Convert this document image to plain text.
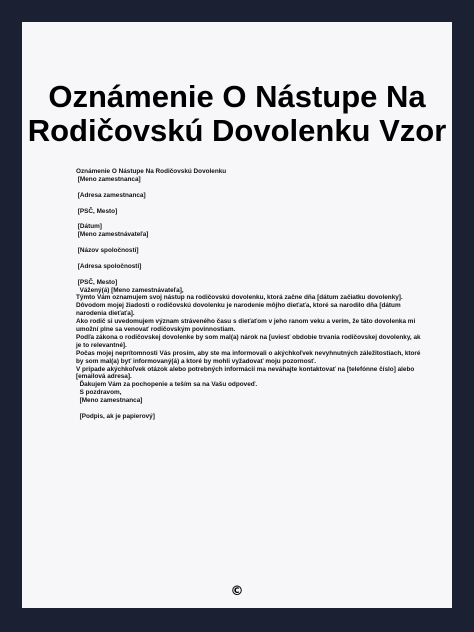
Oznámenie O Nástupe Na
Rodičovskú Dovolenku Vzor
Oznámenie O Nástupe Na Rodičovskú Dovolenku
[Meno zamestnanca]
[Adresa zamestnanca]
[PSČ, Mesto]
[Dátum]
[Meno zamestnávateľa]
[Názov spoločnosti]
[Adresa spoločnosti]
[PSČ, Mesto]
Vážený(á) [Meno zamestnávateľa],
Týmto Vám oznamujem svoj nástup na rodičovskú dovolenku, ktorá začne dňa [dátum začiatku dovolenky].
Dôvodom mojej žiadosti o rodičovskú dovolenku je narodenie môjho dieťaťa, ktoré sa narodilo dňa [dátum narodenia dieťaťa].
Ako rodič si uvedomujem význam stráveného času s dieťaťom v jeho ranom veku a verím, že táto dovolenka mi umožní plne sa venovať rodičovským povinnostiam.
Podľa zákona o rodičovskej dovolenke by som mal(a) nárok na [uviesť obdobie trvania rodičovskej dovolenky, ak je to relevantné].
Počas mojej neprítomnosti Vás prosím, aby ste ma informovali o akýchkoľvek nevyhnutných záležitostiach, ktoré by som mal(a) byť informovaný(á) a ktoré by mohli vyžadovať moju pozornosť.
V prípade akýchkoľvek otázok alebo potrebných informácií ma neváhajte kontaktovať na [telefónne číslo] alebo [emailová adresa].
Ďakujem Vám za pochopenie a teším sa na Vašu odpoveď.
S pozdravom,
[Meno zamestnanca]
[Podpis, ak je papierový]
©
